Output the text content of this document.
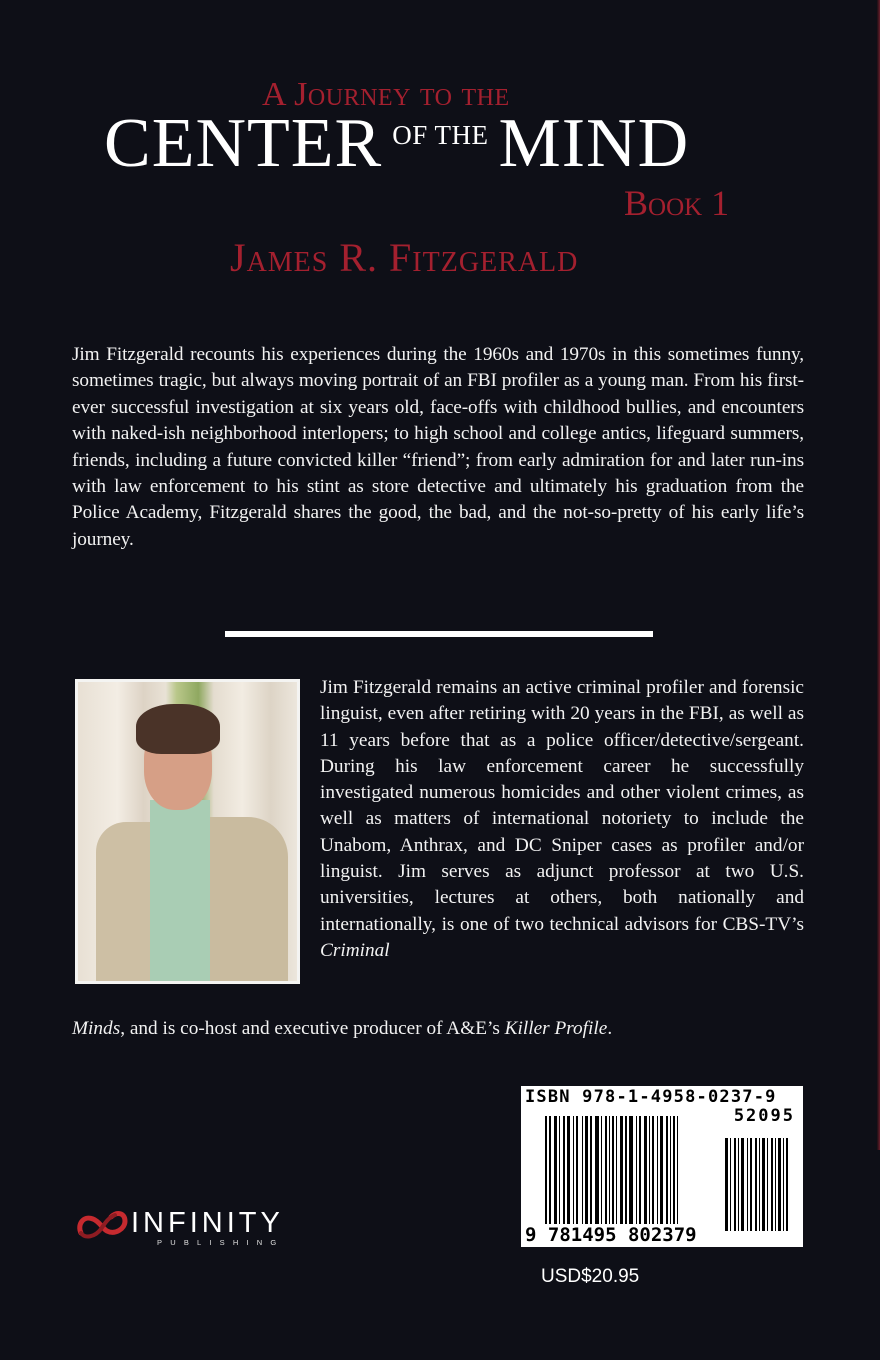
A Journey to the
CENTER OF THE MIND
Book 1
James R. Fitzgerald
Jim Fitzgerald recounts his experiences during the 1960s and 1970s in this sometimes funny, sometimes tragic, but always moving portrait of an FBI profiler as a young man. From his first-ever successful investigation at six years old, face-offs with childhood bullies, and encounters with naked-ish neighborhood interlopers; to high school and college antics, lifeguard summers, friends, including a future convicted killer “friend”; from early admiration for and later run-ins with law enforcement to his stint as store detective and ultimately his graduation from the Police Academy, Fitzgerald shares the good, the bad, and the not-so-pretty of his early life’s journey.
Jim Fitzgerald remains an active criminal profiler and forensic linguist, even after retiring with 20 years in the FBI, as well as 11 years before that as a police officer/detective/sergeant. During his law enforcement career he successfully investigated numerous homicides and other violent crimes, as well as matters of international notoriety to include the Unabom, Anthrax, and DC Sniper cases as profiler and/or linguist. Jim serves as adjunct professor at two U.S. universities, lectures at others, both nationally and internationally, is one of two technical advisors for CBS-TV’s Criminal
Minds, and is co-host and executive producer of A&E’s Killer Profile.
INFINITY
PUBLISHING
ISBN 978-1-4958-0237-9
52095
9 781495 802379
USD$20.95
